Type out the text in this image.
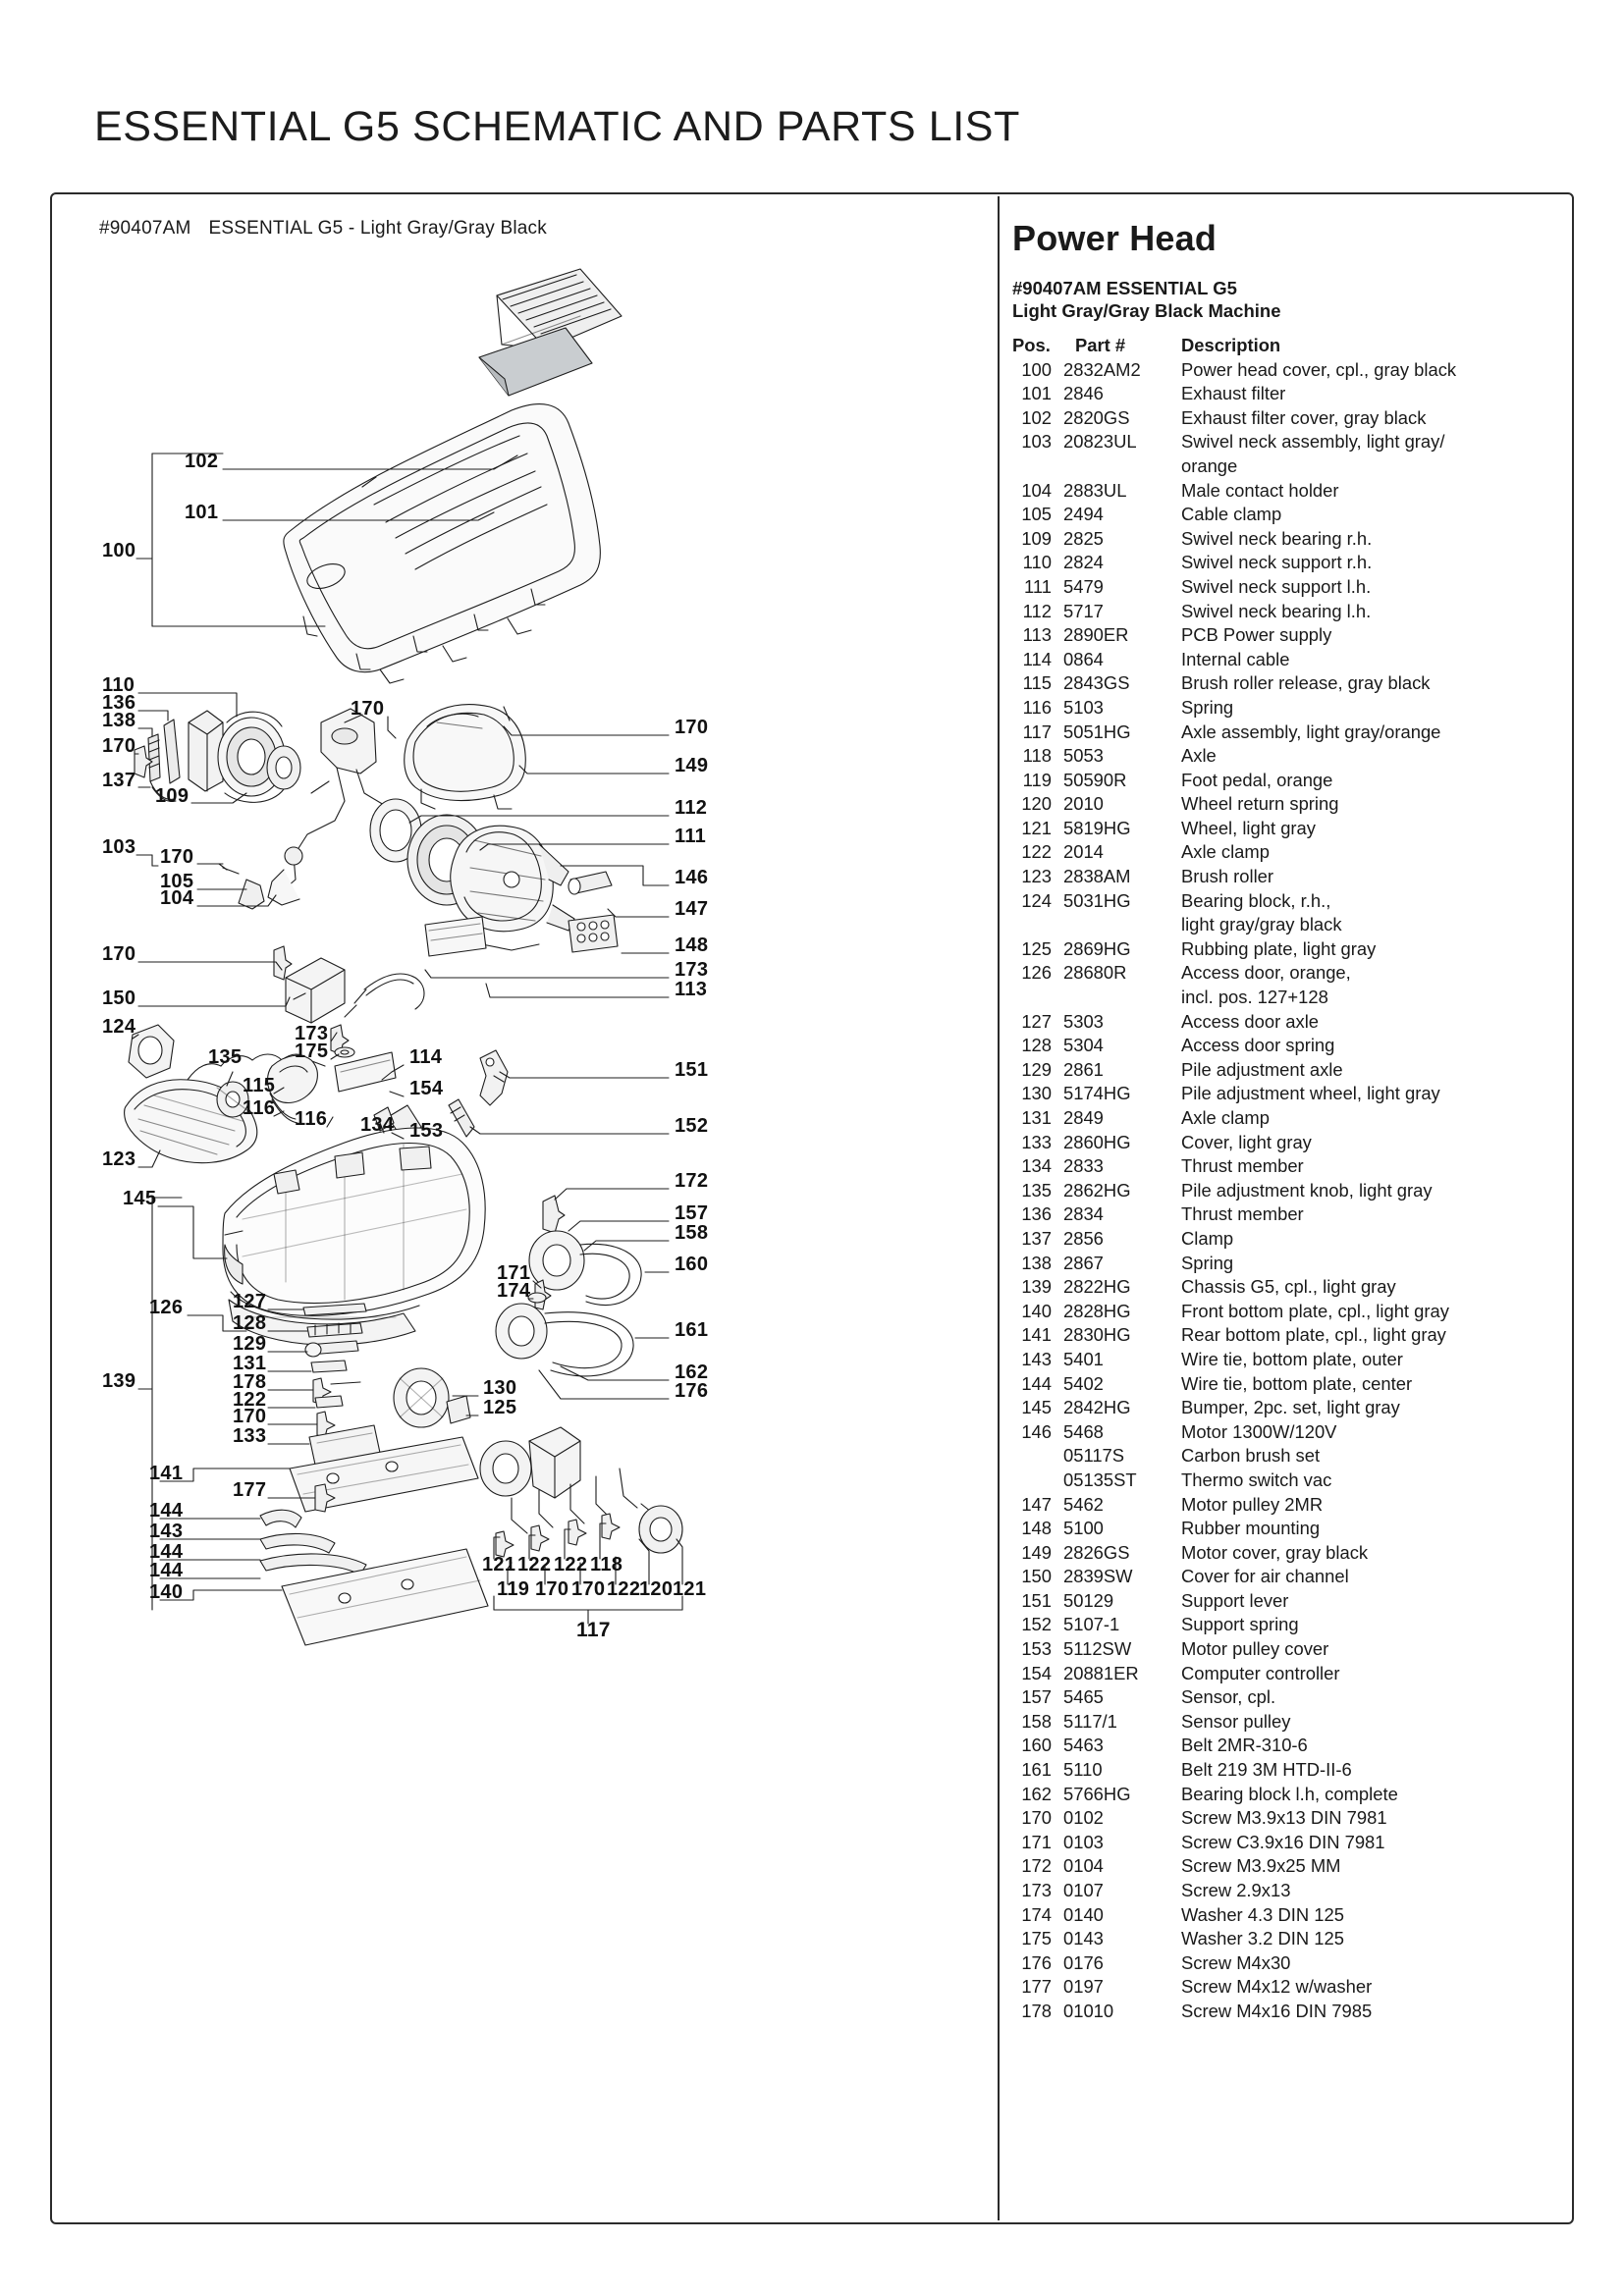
ESSENTIAL G5 SCHEMATIC AND PARTS LIST
#90407AM ESSENTIAL G5 - Light Gray/Gray Black
102
101
100
110
136
138
170
137
109
103 170
105
104
170
170
149
112
111
146
147
148
173
113
170
150
124	173
175
135	114
115	154
116 116 134 153
151
152
123
145
172
157
158
160
171
174
161
126	127
128
129
131
178
122
170
133
139	162
176
130
125
141
177
144
143
144
144
140
121 122 122 118
119 170 170 122
120 121
117
Power Head
#90407AM ESSENTIAL G5
Light Gray/Gray Black Machine
Pos.	Part #	Description
100 2832AM2	Power head cover, cpl., gray black
101 2846	Exhaust filter
102 2820GS	Exhaust filter cover, gray black
103 20823UL	Swivel neck assembly, light gray/
orange
104 2883UL	Male contact holder
105 2494	Cable clamp
109 2825	Swivel neck bearing r.h.
110 2824	Swivel neck support r.h.
111 5479	Swivel neck support l.h.
112 5717	Swivel neck bearing l.h.
113 2890ER	PCB Power supply
114 0864	Internal cable
115 2843GS	Brush roller release, gray black
116 5103	Spring
117 5051HG	Axle assembly, light gray/orange
118 5053	Axle
119 50590R	Foot pedal, orange
120 2010	Wheel return spring
121 5819HG	Wheel, light gray
122 2014	Axle clamp
123 2838AM	Brush roller
124 5031HG	Bearing block, r.h.,
light gray/gray black
125 2869HG	Rubbing plate, light gray
126 28680R	Access door, orange,
incl. pos. 127+128
127 5303	Access door axle
128 5304	Access door spring
129 2861	Pile adjustment axle
130 5174HG	Pile adjustment wheel, light gray
131 2849	Axle clamp
133 2860HG	Cover, light gray
134 2833	Thrust member
135 2862HG	Pile adjustment knob, light gray
136 2834	Thrust member
137 2856	Clamp
138 2867	Spring
139 2822HG	Chassis G5, cpl., light gray
140 2828HG	Front bottom plate, cpl., light gray
141 2830HG	Rear bottom plate, cpl., light gray
143 5401	Wire tie, bottom plate, outer
144 5402	Wire tie, bottom plate, center
145 2842HG	Bumper, 2pc. set, light gray
146 5468	Motor 1300W/120V
05117S	Carbon brush set
05135ST	Thermo switch vac
147 5462	Motor pulley 2MR
148 5100	Rubber mounting
149 2826GS	Motor cover, gray black
150 2839SW	Cover for air channel
151 50129	Support lever
152 5107-1	Support spring
153 5112SW	Motor pulley cover
154 20881ER	Computer controller
157 5465	Sensor, cpl.
158 5117/1	Sensor pulley
160 5463	Belt 2MR-310-6
161 5110	Belt 219 3M HTD-II-6
162 5766HG	Bearing block l.h, complete
170 0102	Screw M3.9x13 DIN 7981
171 0103	Screw C3.9x16 DIN 7981
172 0104	Screw M3.9x25 MM
173 0107	Screw 2.9x13
174 0140	Washer 4.3 DIN 125
175 0143	Washer 3.2 DIN 125
176 0176	Screw M4x30
177 0197	Screw M4x12 w/washer
178 01010	Screw M4x16 DIN 7985
